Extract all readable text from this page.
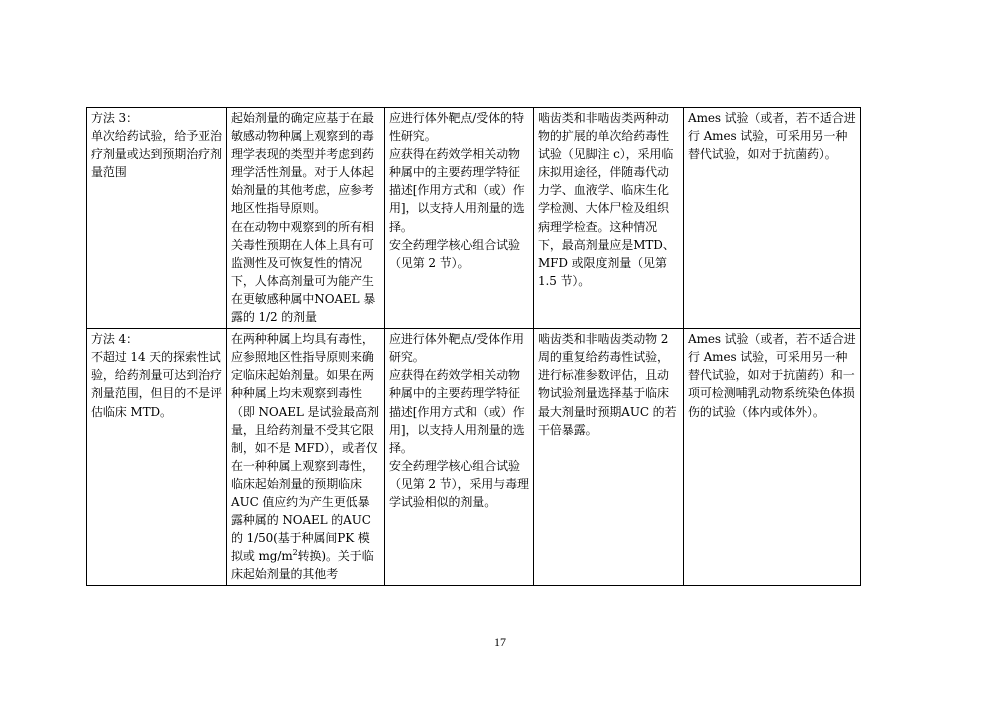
方法 3：
单次给药试验，给予亚治疗剂量或达到预期治疗剂量范围	起始剂量的确定应基于在最敏感动物种属上观察到的毒理学表现的类型并考虑到药理学活性剂量。对于人体起始剂量的其他考虑，应参考地区性指导原则。
在在动物中观察到的所有相关毒性预期在人体上具有可监测性及可恢复性的情况下，人体高剂量可为能产生在更敏感种属中NOAEL 暴露的 1/2 的剂量	应进行体外靶点/受体的特性研究。
应获得在药效学相关动物种属中的主要药理学特征描述[作用方式和（或）作用]，以支持人用剂量的选择。
安全药理学核心组合试验（见第 2 节）。	啮齿类和非啮齿类两种动物的扩展的单次给药毒性试验（见脚注 c），采用临床拟用途径，伴随毒代动力学、血液学、临床生化学检测、大体尸检及组织病理学检查。这种情况下，最高剂量应是MTD、MFD 或限度剂量（见第 1.5 节）。	Ames 试验（或者，若不适合进行 Ames 试验，可采用另一种替代试验，如对于抗菌药）。

方法 4：
不超过 14 天的探索性试验，给药剂量可达到治疗剂量范围，但目的不是评估临床 MTD。	在两种种属上均具有毒性，应参照地区性指导原则来确定临床起始剂量。如果在两种种属上均未观察到毒性（即 NOAEL 是试验最高剂量，且给药剂量不受其它限制，如不是 MFD），或者仅在一种种属上观察到毒性，临床起始剂量的预期临床 AUC 值应约为产生更低暴露种属的 NOAEL 的AUC 的 1/50(基于种属间PK 模拟或 $mg/m^2$转换)。关于临床起始剂量的其他考	应进行体外靶点/受体作用研究。
应获得在药效学相关动物种属中的主要药理学特征描述[作用方式和（或）作用]，以支持人用剂量的选择。
安全药理学核心组合试验（见第 2 节），采用与毒理学试验相似的剂量。	啮齿类和非啮齿类动物 2 周的重复给药毒性试验，进行标准参数评估，且动物试验剂量选择基于临床最大剂量时预期AUC 的若干倍暴露。	Ames 试验（或者，若不适合进行 Ames 试验，可采用另一种替代试验，如对于抗菌药）和一项可检测哺乳动物系统染色体损伤的试验（体内或体外）。
17
